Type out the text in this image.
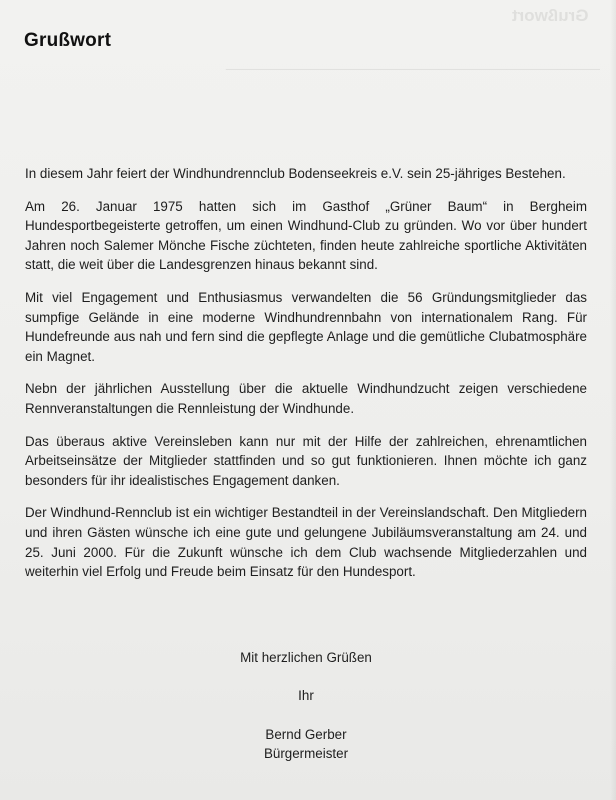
Grußwort
────────────────────────────────────────────
Grußwort

In diesem Jahr feiert der Windhundrennclub Bodenseekreis e.V. sein 25-jähriges Bestehen.

Am 26. Januar 1975 hatten sich im Gasthof „Grüner Baum“ in Bergheim Hundesportbegeisterte getroffen, um einen Windhund-Club zu gründen. Wo vor über hundert Jahren noch Salemer Mönche Fische züchteten, finden heute zahlreiche sportliche Aktivitäten statt, die weit über die Landesgrenzen hinaus bekannt sind.

Mit viel Engagement und Enthusiasmus verwandelten die 56 Gründungsmitglieder das sumpfige Gelände in eine moderne Windhundrennbahn von internationalem Rang. Für Hundefreunde aus nah und fern sind die gepflegte Anlage und die gemütliche Clubatmosphäre ein Magnet.

Nebn der jährlichen Ausstellung über die aktuelle Windhundzucht zeigen verschiedene Rennveranstaltungen die Rennleistung der Windhunde.

Das überaus aktive Vereinsleben kann nur mit der Hilfe der zahlreichen, ehrenamtlichen Arbeitseinsätze der Mitglieder stattfinden und so gut funktionieren. Ihnen möchte ich ganz besonders für ihr idealistisches Engagement danken.

Der Windhund-Rennclub ist ein wichtiger Bestandteil in der Vereinslandschaft. Den Mitgliedern und ihren Gästen wünsche ich eine gute und gelungene Jubiläumsveranstaltung am 24. und 25. Juni 2000. Für die Zukunft wünsche ich dem Club wachsende Mitgliederzahlen und weiterhin viel Erfolg und Freude beim Einsatz für den Hundesport.

Mit herzlichen Grüßen
Ihr
Bernd Gerber
Bürgermeister
